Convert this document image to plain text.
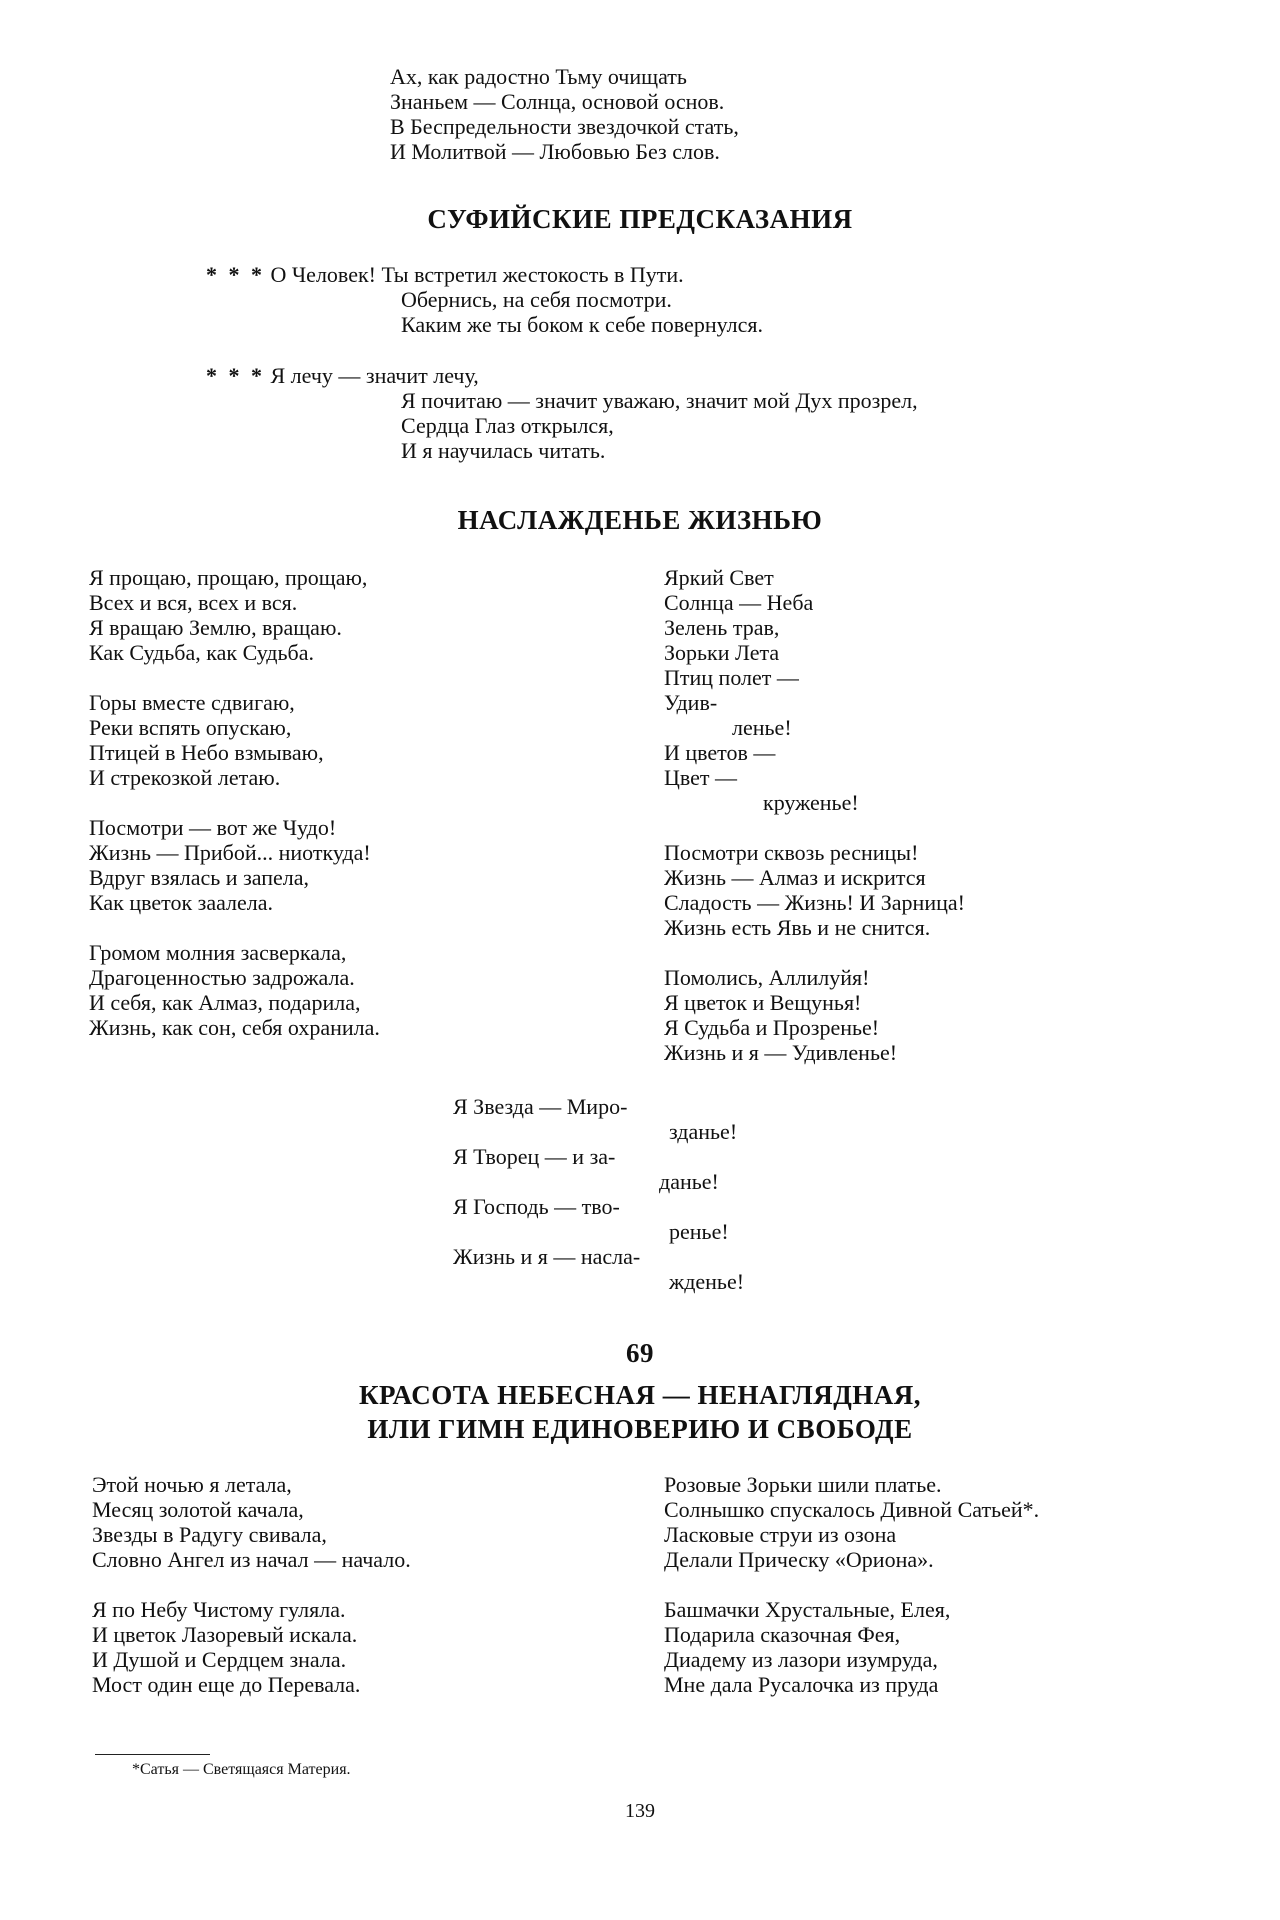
Ах, как радостно Тьму очищать
Знаньем — Солнца, основой основ.
В Беспредельности звездочкой стать,
И Молитвой — Любовью Без слов.
СУФИЙСКИЕ ПРЕДСКАЗАНИЯ
* * * О Человек! Ты встретил жестокость в Пути.
Обернись, на себя посмотри.
Каким же ты боком к себе повернулся.
* * * Я лечу — значит лечу,
Я почитаю — значит уважаю, значит мой Дух прозрел,
Сердца Глаз открылся,
И я научилась читать.
НАСЛАЖДЕНЬЕ ЖИЗНЬЮ
Я прощаю, прощаю, прощаю,
Всех и вся, всех и вся.
Я вращаю Землю, вращаю.
Как Судьба, как Судьба.
Горы вместе сдвигаю,
Реки вспять опускаю,
Птицей в Небо взмываю,
И стрекозкой летаю.
Посмотри — вот же Чудо!
Жизнь — Прибой... ниоткуда!
Вдруг взялась и запела,
Как цветок заалела.
Громом молния засверкала,
Драгоценностью задрожала.
И себя, как Алмаз, подарила,
Жизнь, как сон, себя охранила.
Яркий Свет
Солнца — Неба
Зелень трав,
Зорьки Лета
Птиц полет —
Удив-
ленье!
И цветов —
Цвет —
круженье!
Посмотри сквозь ресницы!
Жизнь — Алмаз и искрится
Сладость — Жизнь! И Зарница!
Жизнь есть Явь и не снится.
Помолись, Аллилуйя!
Я цветок и Вещунья!
Я Судьба и Прозренье!
Жизнь и я — Удивленье!
Я Звезда — Миро-
зданье!
Я Творец — и за-
данье!
Я Господь — тво-
ренье!
Жизнь и я — насла-
жденье!
69
КРАСОТА НЕБЕСНАЯ — НЕНАГЛЯДНАЯ,
ИЛИ ГИМН ЕДИНОВЕРИЮ И СВОБОДЕ
Этой ночью я летала,
Месяц золотой качала,
Звезды в Радугу свивала,
Словно Ангел из начал — начало.
Я по Небу Чистому гуляла.
И цветок Лазоревый искала.
И Душой и Сердцем знала.
Мост один еще до Перевала.
Розовые Зорьки шили платье.
Солнышко спускалось Дивной Сатьей*.
Ласковые струи из озона
Делали Прическу «Ориона».
Башмачки Хрустальные, Елея,
Подарила сказочная Фея,
Диадему из лазори изумруда,
Мне дала Русалочка из пруда
*Сатья — Светящаяся Материя.
139
